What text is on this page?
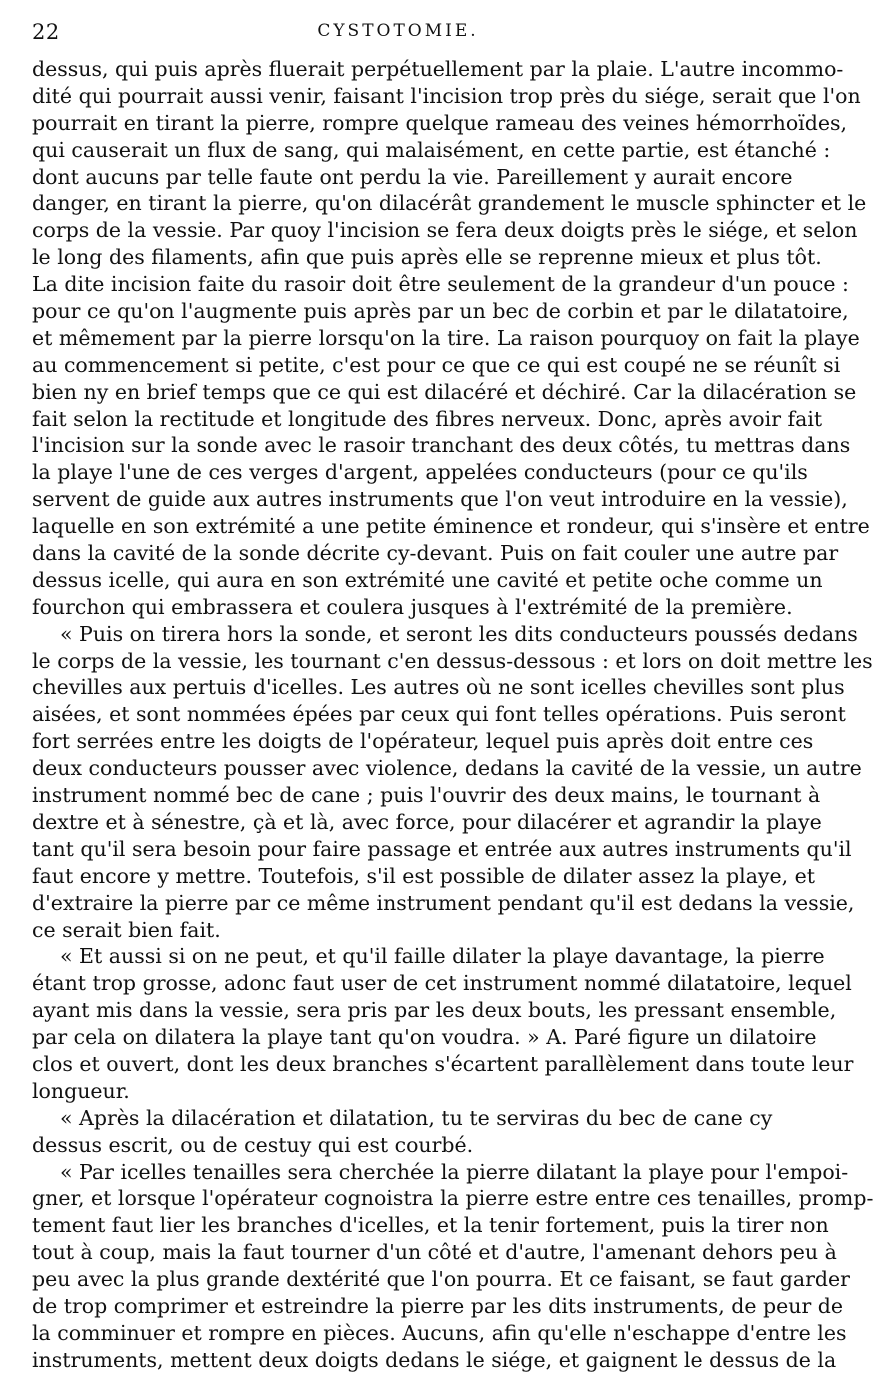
22	CYSTOTOMIE.
dessus, qui puis après fluerait perpétuellement par la plaie. L'autre incommo-
dité qui pourrait aussi venir, faisant l'incision trop près du siége, serait que l'on
pourrait en tirant la pierre, rompre quelque rameau des veines hémorrhoïdes,
qui causerait un flux de sang, qui malaisément, en cette partie, est étanché :
dont aucuns par telle faute ont perdu la vie. Pareillement y aurait encore
danger, en tirant la pierre, qu'on dilacérât grandement le muscle sphincter et le
corps de la vessie. Par quoy l'incision se fera deux doigts près le siége, et selon
le long des filaments, afin que puis après elle se reprenne mieux et plus tôt.
La dite incision faite du rasoir doit être seulement de la grandeur d'un pouce :
pour ce qu'on l'augmente puis après par un bec de corbin et par le dilatatoire,
et mêmement par la pierre lorsqu'on la tire. La raison pourquoy on fait la playe
au commencement si petite, c'est pour ce que ce qui est coupé ne se réunît si
bien ny en brief temps que ce qui est dilacéré et déchiré. Car la dilacération se
fait selon la rectitude et longitude des fibres nerveux. Donc, après avoir fait
l'incision sur la sonde avec le rasoir tranchant des deux côtés, tu mettras dans
la playe l'une de ces verges d'argent, appelées conducteurs (pour ce qu'ils
servent de guide aux autres instruments que l'on veut introduire en la vessie),
laquelle en son extrémité a une petite éminence et rondeur, qui s'insère et entre
dans la cavité de la sonde décrite cy-devant. Puis on fait couler une autre par
dessus icelle, qui aura en son extrémité une cavité et petite oche comme un
fourchon qui embrassera et coulera jusques à l'extrémité de la première.
« Puis on tirera hors la sonde, et seront les dits conducteurs poussés dedans
le corps de la vessie, les tournant c'en dessus-dessous : et lors on doit mettre les
chevilles aux pertuis d'icelles. Les autres où ne sont icelles chevilles sont plus
aisées, et sont nommées épées par ceux qui font telles opérations. Puis seront
fort serrées entre les doigts de l'opérateur, lequel puis après doit entre ces
deux conducteurs pousser avec violence, dedans la cavité de la vessie, un autre
instrument nommé bec de cane ; puis l'ouvrir des deux mains, le tournant à
dextre et à sénestre, çà et là, avec force, pour dilacérer et agrandir la playe
tant qu'il sera besoin pour faire passage et entrée aux autres instruments qu'il
faut encore y mettre. Toutefois, s'il est possible de dilater assez la playe, et
d'extraire la pierre par ce même instrument pendant qu'il est dedans la vessie,
ce serait bien fait.
« Et aussi si on ne peut, et qu'il faille dilater la playe davantage, la pierre
étant trop grosse, adonc faut user de cet instrument nommé dilatatoire, lequel
ayant mis dans la vessie, sera pris par les deux bouts, les pressant ensemble,
par cela on dilatera la playe tant qu'on voudra. » A. Paré figure un dilatoire
clos et ouvert, dont les deux branches s'écartent parallèlement dans toute leur
longueur.
« Après la dilacération et dilatation, tu te serviras du bec de cane cy
dessus escrit, ou de cestuy qui est courbé.
« Par icelles tenailles sera cherchée la pierre dilatant la playe pour l'empoi-
gner, et lorsque l'opérateur cognoistra la pierre estre entre ces tenailles, promp-
tement faut lier les branches d'icelles, et la tenir fortement, puis la tirer non
tout à coup, mais la faut tourner d'un côté et d'autre, l'amenant dehors peu à
peu avec la plus grande dextérité que l'on pourra. Et ce faisant, se faut garder
de trop comprimer et estreindre la pierre par les dits instruments, de peur de
la comminuer et rompre en pièces. Aucuns, afin qu'elle n'eschappe d'entre les
instruments, mettent deux doigts dedans le siége, et gaignent le dessus de la
